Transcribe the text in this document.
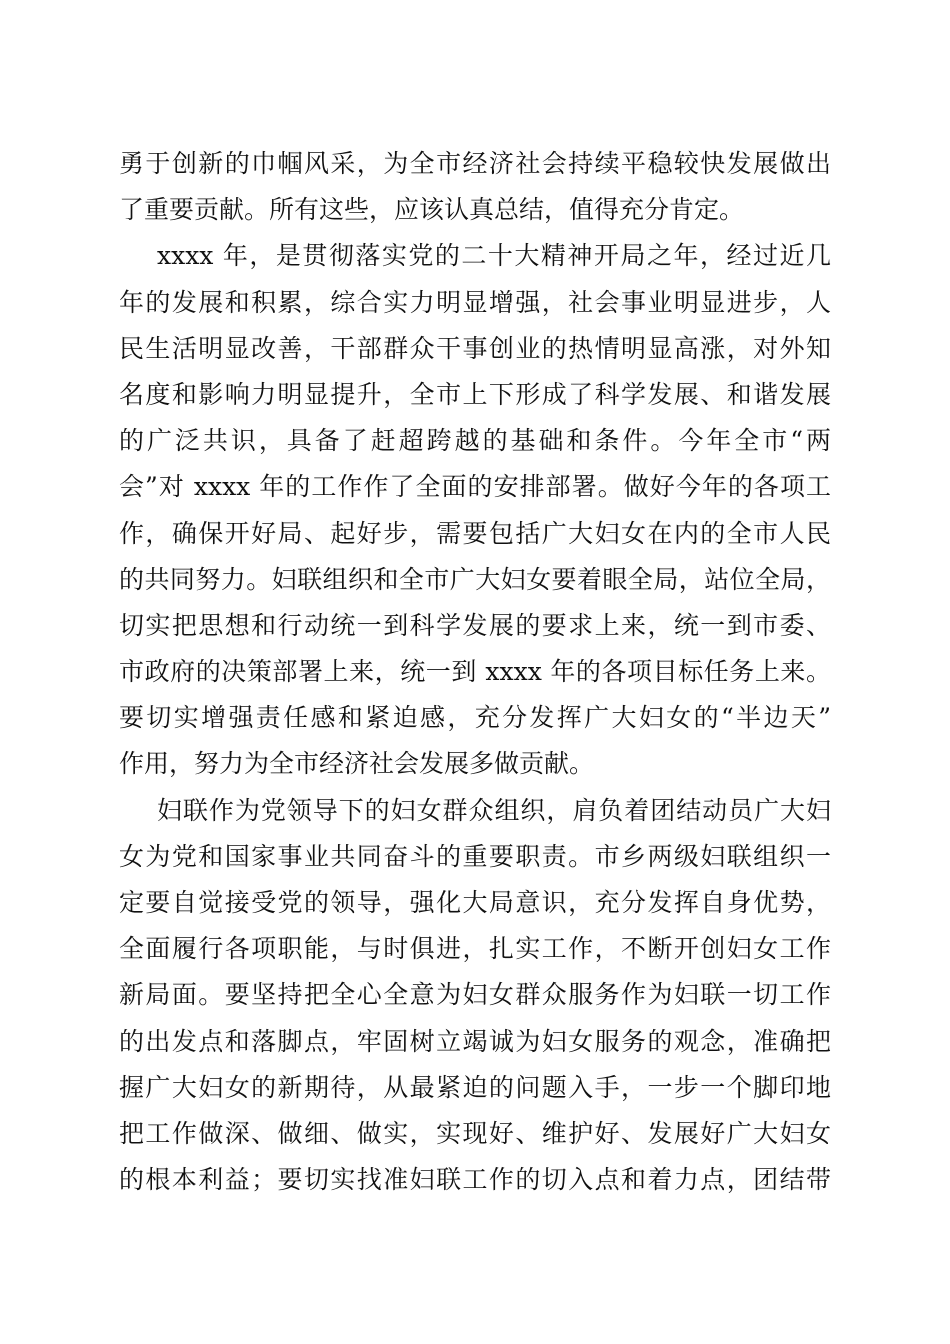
勇于创新的巾帼风采，为全市经济社会持续平稳较快发展做出
了重要贡献。所有这些，应该认真总结，值得充分肯定。
xxxx 年，是贯彻落实党的二十大精神开局之年，经过近几
年的发展和积累，综合实力明显增强，社会事业明显进步，人
民生活明显改善，干部群众干事创业的热情明显高涨，对外知
名度和影响力明显提升，全市上下形成了科学发展、和谐发展
的广泛共识，具备了赶超跨越的基础和条件。今年全市“两
会”对 xxxx 年的工作作了全面的安排部署。做好今年的各项工
作，确保开好局、起好步，需要包括广大妇女在内的全市人民
的共同努力。妇联组织和全市广大妇女要着眼全局，站位全局，
切实把思想和行动统一到科学发展的要求上来，统一到市委、
市政府的决策部署上来，统一到 xxxx 年的各项目标任务上来。
要切实增强责任感和紧迫感，充分发挥广大妇女的“半边天”
作用，努力为全市经济社会发展多做贡献。
妇联作为党领导下的妇女群众组织，肩负着团结动员广大妇
女为党和国家事业共同奋斗的重要职责。市乡两级妇联组织一
定要自觉接受党的领导，强化大局意识，充分发挥自身优势，
全面履行各项职能，与时俱进，扎实工作，不断开创妇女工作
新局面。要坚持把全心全意为妇女群众服务作为妇联一切工作
的出发点和落脚点，牢固树立竭诚为妇女服务的观念，准确把
握广大妇女的新期待，从最紧迫的问题入手，一步一个脚印地
把工作做深、做细、做实，实现好、维护好、发展好广大妇女
的根本利益；要切实找准妇联工作的切入点和着力点，团结带
